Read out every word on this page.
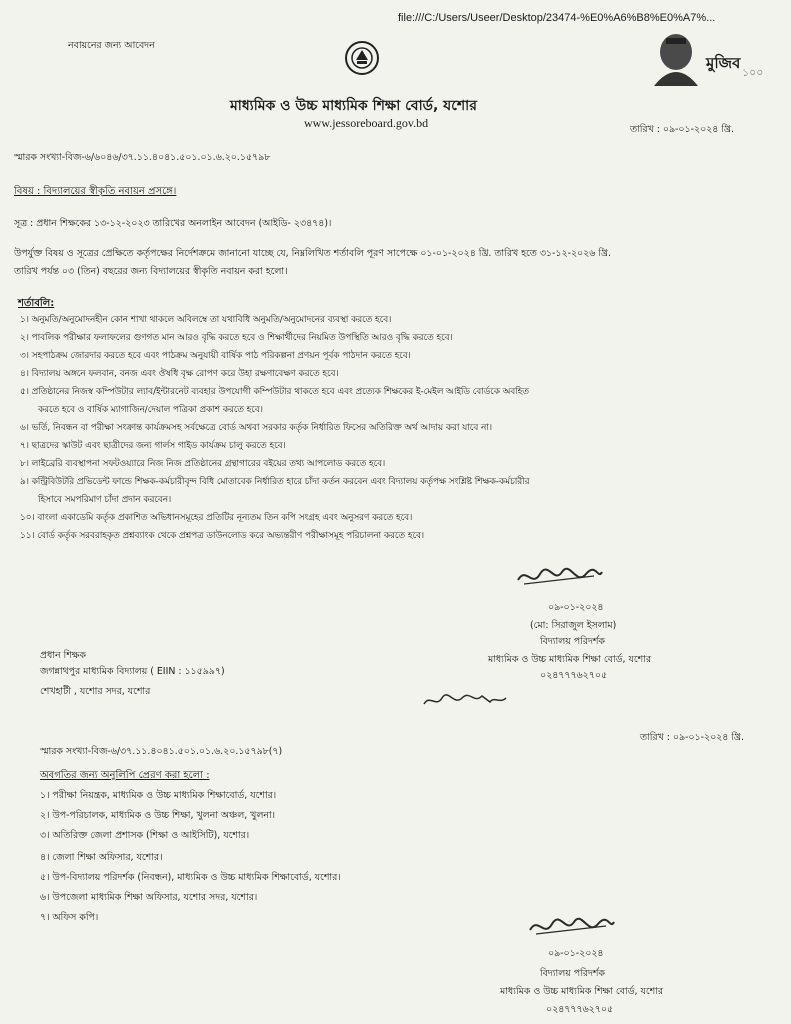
নবায়নের জন্য আবেদন
file:///C:/Users/Useer/Desktop/23474-%E0%A6%B8%E0%A7%...
মুজিব
১০০
মাধ্যমিক ও উচ্চ মাধ্যমিক শিক্ষা বোর্ড, যশোর
www.jessoreboard.gov.bd	তারিখ : ০৯-০১-২০২৪ খ্রি.
স্মারক সংখ্যা-বিজ-৬/৬০৪৬/৩৭.১১.৪০৪১.৫০১.০১.৬.২০.১৫৭৯৮
বিষয় : বিদ্যালয়ের স্বীকৃতি নবায়ন প্রসঙ্গে।
সূত্র : প্রধান শিক্ষকের ১৩-১২-২০২৩ তারিখের অনলাইন আবেদন (আইডি- ২৩৪৭৪)।
উপর্যুক্ত বিষয় ও সূত্রের প্রেক্ষিতে কর্তৃপক্ষের নির্দেশক্রমে জানানো যাচ্ছে যে, নিম্নলিখিত শর্তাবলি পূরণ সাপেক্ষে ০১-০১-২০২৪ খ্রি. তারিখ হতে ৩১-১২-২০২৬ খ্রি.
তারিখ পর্যন্ত ০৩ (তিন) বছরের জন্য বিদ্যালয়ের স্বীকৃতি নবায়ন করা হলো।
শর্তাবলি:
১। অনুমতি/অনুমোদনহীন কোন শাখা থাকলে অবিলম্বে তা যথাবিধি অনুমতি/অনুমোদনের ব্যবস্থা করতে হবে।
২। পাবলিক পরীক্ষার ফলাফলের গুণগত মান আরও বৃদ্ধি করতে হবে ও শিক্ষার্থীদের নিয়মিত উপস্থিতি আরও বৃদ্ধি করতে হবে।
৩। সহপাঠক্রম জোরদার করতে হবে এবং পাঠক্রম অনুযায়ী বার্ষিক পাঠ পরিকল্পনা প্রণয়ন পূর্বক পাঠদান করতে হবে।
৪। বিদ্যালয় অঙ্গনে ফলবান, বনজ এবং ঔষধি বৃক্ষ রোপণ করে উহা রক্ষণাবেক্ষণ করতে হবে।
৫। প্রতিষ্ঠানের নিজস্ব কম্পিউটার ল্যাব/ইন্টারনেট ব্যবহার উপযোগী কম্পিউটার থাকতে হবে এবং প্রত্যেক শিক্ষকের ই-মেইল আইডি বোর্ডকে অবহিত
করতে হবে ও বার্ষিক ম্যাগাজিন/দেয়াল পত্রিকা প্রকাশ করতে হবে।
৬। ভর্তি, নিবন্ধন বা পরীক্ষা সংক্রান্ত কার্যক্রমসহ সর্বক্ষেত্রে বোর্ড অথবা সরকার কর্তৃক নির্ধারিত ফিসের অতিরিক্ত অর্থ আদায় করা যাবে না।
৭। ছাত্রদের স্কাউট এবং ছাত্রীদের জন্য গার্লস গাইড কার্যক্রম চালু করতে হবে।
৮। লাইব্রেরি ব্যবস্থাপনা সফটওয়্যারে নিজ নিজ প্রতিষ্ঠানের গ্রন্থাগারের বইয়ের তথ্য আপলোড করতে হবে।
৯। কন্ট্রিবিউটরি প্রভিডেন্ট ফান্ডে শিক্ষক-কর্মচারীবৃন্দ বিধি মোতাবেক নির্ধারিত হারে চাঁদা কর্তন করবেন এবং বিদ্যালয় কর্তৃপক্ষ সংশ্লিষ্ট শিক্ষক-কর্মচারীর
হিসাবে সমপরিমাণ চাঁদা প্রদান করবেন।
১০। বাংলা একাডেমি কর্তৃক প্রকাশিত অভিধানসমূহের প্রতিটির নূন্যতম তিন কপি সংগ্রহ এবং অনুসরণ করতে হবে।
১১। বোর্ড কর্তৃক সরবরাহকৃত প্রশ্নব্যাংক থেকে প্রশ্নপত্র ডাউনলোড করে অভ্যন্তরীণ পরীক্ষাসমূহ পরিচালনা করতে হবে।
০৯-০১-২০২৪
(মো: সিরাজুল ইসলাম)
বিদ্যালয় পরিদর্শক
মাধ্যমিক ও উচ্চ মাধ্যমিক শিক্ষা বোর্ড, যশোর
০২৪৭৭৭৬২৭০৫
প্রধান শিক্ষক
জগন্নাথপুর মাধ্যমিক বিদ্যালয় ( EIIN : ১১৫৯৯৭)
শেখহাটী , যশোর সদর, যশোর
তারিখ : ০৯-০১-২০২৪ খ্রি.
স্মারক সংখ্যা-বিজ-৬/৩৭.১১.৪০৪১.৫০১.০১.৬.২০.১৫৭৯৮(৭)
অবগতির জন্য অনুলিপি প্রেরণ করা হলো :
১। পরীক্ষা নিয়ন্ত্রক, মাধ্যমিক ও উচ্চ মাধ্যমিক শিক্ষাবোর্ড, যশোর।
২। উপ-পরিচালক, মাধ্যমিক ও উচ্চ শিক্ষা, খুলনা অঞ্চল, খুলনা।
৩। অতিরিক্ত জেলা প্রশাসক (শিক্ষা ও আইসিটি), যশোর।
৪। জেলা শিক্ষা অফিসার, যশোর।
৫। উপ-বিদ্যালয় পরিদর্শক (নিবন্ধন), মাধ্যমিক ও উচ্চ মাধ্যমিক শিক্ষাবোর্ড, যশোর।
৬। উপজেলা মাধ্যমিক শিক্ষা অফিসার, যশোর সদর, যশোর।
৭। অফিস কপি।
০৯-০১-২০২৪
বিদ্যালয় পরিদর্শক
মাধ্যমিক ও উচ্চ মাধ্যমিক শিক্ষা বোর্ড, যশোর
০২৪৭৭৭৬২৭০৫
